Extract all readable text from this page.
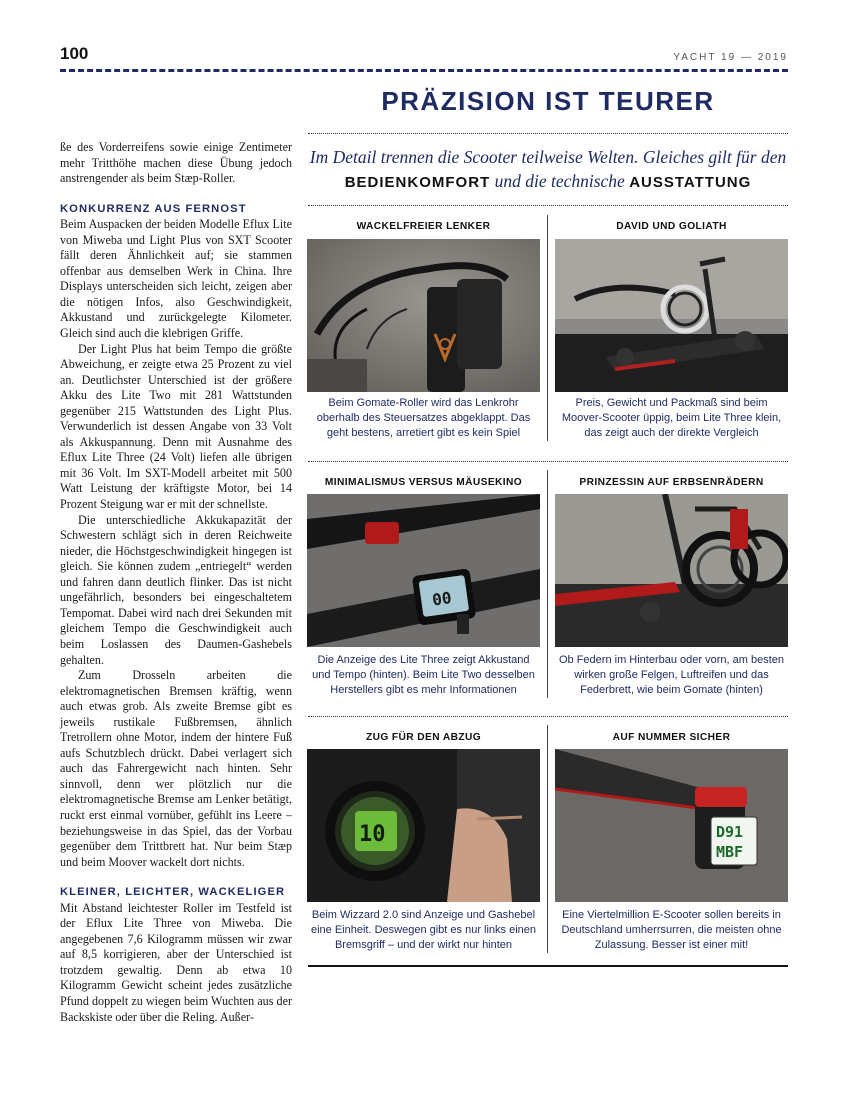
100	YACHT 19 — 2019
PRÄZISION IST TEURER
Im Detail trennen die Scooter teilweise Welten. Gleiches gilt für den BEDIENKOMFORT und die technische AUSSTATTUNG

ße des Vorderreifens sowie einige Zentimeter mehr Tritthöhe machen diese Übung jedoch anstrengender als beim Stæp-Roller.

KONKURRENZ AUS FERNOST

Beim Auspacken der beiden Modelle Eflux Lite von Miweba und Light Plus von SXT Scooter fällt deren Ähnlichkeit auf; sie stammen offenbar aus demselben Werk in China. Ihre Displays unterscheiden sich leicht, zeigen aber die nötigen Infos, also Geschwindigkeit, Akkustand und zurückgelegte Kilometer. Gleich sind auch die klebrigen Griffe.

Der Light Plus hat beim Tempo die größte Abweichung, er zeigte etwa 25 Prozent zu viel an. Deutlichster Unterschied ist der größere Akku des Lite Two mit 281 Wattstunden gegenüber 215 Wattstunden des Light Plus. Verwunderlich ist dessen Angabe von 33 Volt als Akkuspannung. Denn mit Ausnahme des Eflux Lite Three (24 Volt) liefen alle übrigen mit 36 Volt. Im SXT-Modell arbeitet mit 500 Watt Leistung der kräftigste Motor, bei 14 Prozent Steigung war er mit der schnellste.

Die unterschiedliche Akkukapazität der Schwestern schlägt sich in deren Reichweite nieder, die Höchstgeschwindigkeit hingegen ist gleich. Sie können zudem „entriegelt“ werden und fahren dann deutlich flinker. Das ist nicht ungefährlich, besonders bei eingeschaltetem Tempomat. Dabei wird nach drei Sekunden mit gleichem Tempo die Geschwindigkeit auch beim Loslassen des Daumen-Gashebels gehalten.

Zum Drosseln arbeiten die elektromagnetischen Bremsen kräftig, wenn auch etwas grob. Als zweite Bremse gibt es jeweils rustikale Fußbremsen, ähnlich Tretrollern ohne Motor, indem der hintere Fuß aufs Schutzblech drückt. Dabei verlagert sich auch das Fahrergewicht nach hinten. Sehr sinnvoll, denn wer plötzlich nur die elektromagnetische Bremse am Lenker betätigt, ruckt erst einmal vornüber, gefühlt ins Leere – beziehungsweise in das Spiel, das der Vorbau gegenüber dem Trittbrett hat. Nur beim Stæp und beim Moover wackelt dort nichts.

KLEINER, LEICHTER, WACKELIGER

Mit Abstand leichtester Roller im Testfeld ist der Eflux Lite Three von Miweba. Die angegebenen 7,6 Kilogramm müssen wir zwar auf 8,5 korrigieren, aber der Unterschied ist trotzdem gewaltig. Denn ab etwa 10 Kilogramm Gewicht scheint jedes zusätzliche Pfund doppelt zu wiegen beim Wuchten aus der Backskiste oder über die Reling. Außer-

WACKELFREIER LENKER
Beim Gomate-Roller wird das Lenkrohr oberhalb des Steuersatzes abgeklappt. Das geht bestens, arretiert gibt es kein Spiel
DAVID UND GOLIATH
Preis, Gewicht und Packmaß sind beim Moover-Scooter üppig, beim Lite Three klein, das zeigt auch der direkte Vergleich
MINIMALISMUS VERSUS MÄUSEKINO
00
Die Anzeige des Lite Three zeigt Akkustand und Tempo (hinten). Beim Lite Two desselben Herstellers gibt es mehr Informationen
PRINZESSIN AUF ERBSENRÄDERN
Ob Federn im Hinterbau oder vorn, am besten wirken große Felgen, Luftreifen und das Federbrett, wie beim Gomate (hinten)
ZUG FÜR DEN ABZUG
10
Beim Wizzard 2.0 sind Anzeige und Gashebel eine Einheit. Deswegen gibt es nur links einen Bremsgriff – und der wirkt nur hinten
AUF NUMMER SICHER
D91
MBF
Eine Viertelmillion E-Scooter sollen bereits in Deutschland umherrsurren, die meisten ohne Zulassung. Besser ist einer mit!
